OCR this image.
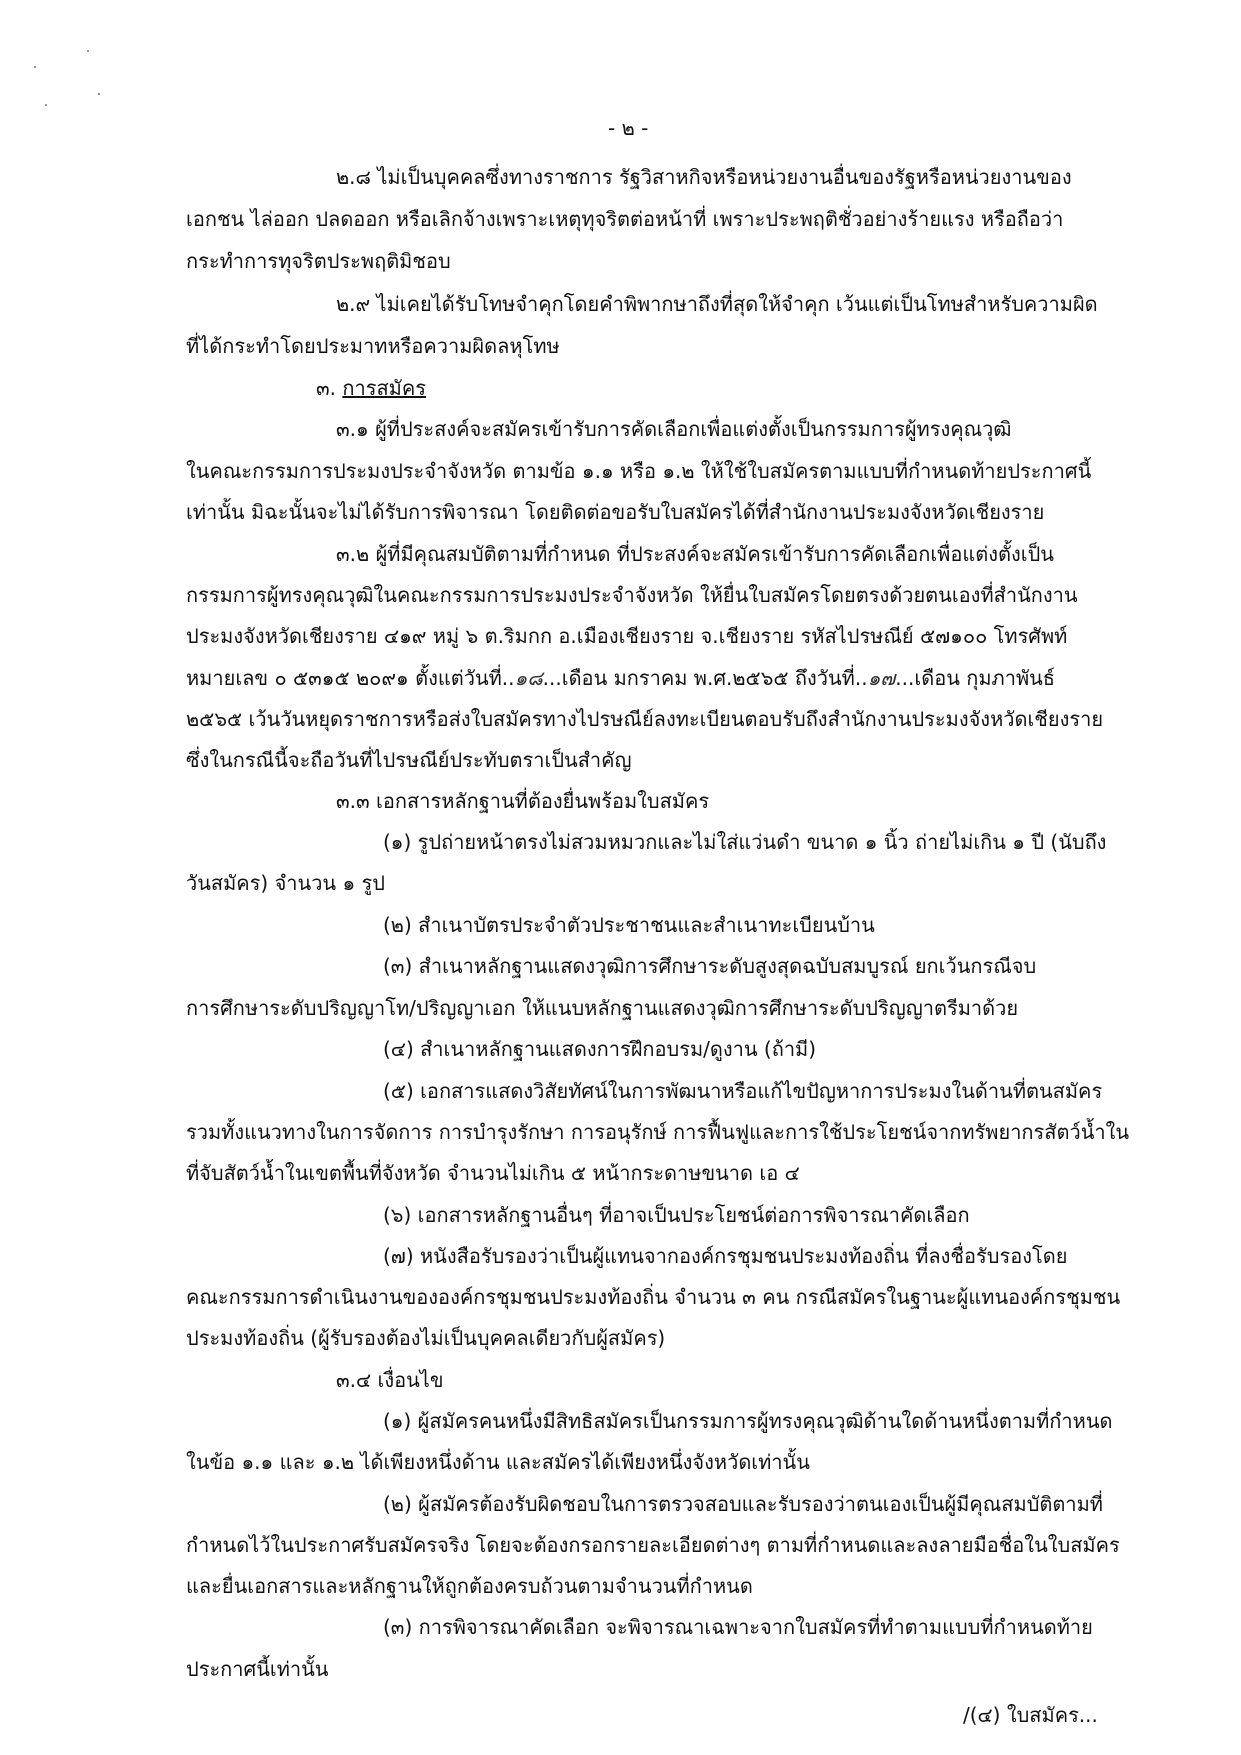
- ๒ -
๒.๘ ไม่เป็นบุคคลซึ่งทางราชการ รัฐวิสาหกิจหรือหน่วยงานอื่นของรัฐหรือหน่วยงานของ
เอกชน ไล่ออก ปลดออก หรือเลิกจ้างเพราะเหตุทุจริตต่อหน้าที่ เพราะประพฤติชั่วอย่างร้ายแรง หรือถือว่า
กระทำการทุจริตประพฤติมิชอบ
๒.๙ ไม่เคยได้รับโทษจำคุกโดยคำพิพากษาถึงที่สุดให้จำคุก เว้นแต่เป็นโทษสำหรับความผิด
ที่ได้กระทำโดยประมาทหรือความผิดลหุโทษ
๓. การสมัคร
๓.๑ ผู้ที่ประสงค์จะสมัครเข้ารับการคัดเลือกเพื่อแต่งตั้งเป็นกรรมการผู้ทรงคุณวุฒิ
ในคณะกรรมการประมงประจำจังหวัด ตามข้อ ๑.๑ หรือ ๑.๒ ให้ใช้ใบสมัครตามแบบที่กำหนดท้ายประกาศนี้
เท่านั้น มิฉะนั้นจะไม่ได้รับการพิจารณา โดยติดต่อขอรับใบสมัครได้ที่สำนักงานประมงจังหวัดเชียงราย
๓.๒ ผู้ที่มีคุณสมบัติตามที่กำหนด ที่ประสงค์จะสมัครเข้ารับการคัดเลือกเพื่อแต่งตั้งเป็น
กรรมการผู้ทรงคุณวุฒิในคณะกรรมการประมงประจำจังหวัด ให้ยื่นใบสมัครโดยตรงด้วยตนเองที่สำนักงาน
ประมงจังหวัดเชียงราย ๔๑๙ หมู่ ๖ ต.ริมกก อ.เมืองเชียงราย จ.เชียงราย รหัสไปรษณีย์ ๕๗๑๐๐ โทรศัพท์
หมายเลข ๐ ๕๓๑๕ ๒๐๙๑ ตั้งแต่วันที่..๑๘...เดือน มกราคม พ.ศ.๒๕๖๕ ถึงวันที่..๑๗...เดือน กุมภาพันธ์
๒๕๖๕ เว้นวันหยุดราชการหรือส่งใบสมัครทางไปรษณีย์ลงทะเบียนตอบรับถึงสำนักงานประมงจังหวัดเชียงราย
ซึ่งในกรณีนี้จะถือวันที่ไปรษณีย์ประทับตราเป็นสำคัญ
๓.๓ เอกสารหลักฐานที่ต้องยื่นพร้อมใบสมัคร
(๑) รูปถ่ายหน้าตรงไม่สวมหมวกและไม่ใส่แว่นดำ ขนาด ๑ นิ้ว ถ่ายไม่เกิน ๑ ปี (นับถึง
วันสมัคร) จำนวน ๑ รูป
(๒) สำเนาบัตรประจำตัวประชาชนและสำเนาทะเบียนบ้าน
(๓) สำเนาหลักฐานแสดงวุฒิการศึกษาระดับสูงสุดฉบับสมบูรณ์ ยกเว้นกรณีจบ
การศึกษาระดับปริญญาโท/ปริญญาเอก ให้แนบหลักฐานแสดงวุฒิการศึกษาระดับปริญญาตรีมาด้วย
(๔) สำเนาหลักฐานแสดงการฝึกอบรม/ดูงาน (ถ้ามี)
(๕) เอกสารแสดงวิสัยทัศน์ในการพัฒนาหรือแก้ไขปัญหาการประมงในด้านที่ตนสมัคร
รวมทั้งแนวทางในการจัดการ การบำรุงรักษา การอนุรักษ์ การฟื้นฟูและการใช้ประโยชน์จากทรัพยากรสัตว์น้ำใน
ที่จับสัตว์น้ำในเขตพื้นที่จังหวัด จำนวนไม่เกิน ๕ หน้ากระดาษขนาด เอ ๔
(๖) เอกสารหลักฐานอื่นๆ ที่อาจเป็นประโยชน์ต่อการพิจารณาคัดเลือก
(๗) หนังสือรับรองว่าเป็นผู้แทนจากองค์กรชุมชนประมงท้องถิ่น ที่ลงชื่อรับรองโดย
คณะกรรมการดำเนินงานขององค์กรชุมชนประมงท้องถิ่น จำนวน ๓ คน กรณีสมัครในฐานะผู้แทนองค์กรชุมชน
ประมงท้องถิ่น (ผู้รับรองต้องไม่เป็นบุคคลเดียวกับผู้สมัคร)
๓.๔ เงื่อนไข
(๑) ผู้สมัครคนหนึ่งมีสิทธิสมัครเป็นกรรมการผู้ทรงคุณวุฒิด้านใดด้านหนึ่งตามที่กำหนด
ในข้อ ๑.๑ และ ๑.๒ ได้เพียงหนึ่งด้าน และสมัครได้เพียงหนึ่งจังหวัดเท่านั้น
(๒) ผู้สมัครต้องรับผิดชอบในการตรวจสอบและรับรองว่าตนเองเป็นผู้มีคุณสมบัติตามที่
กำหนดไว้ในประกาศรับสมัครจริง โดยจะต้องกรอกรายละเอียดต่างๆ ตามที่กำหนดและลงลายมือชื่อในใบสมัคร
และยื่นเอกสารและหลักฐานให้ถูกต้องครบถ้วนตามจำนวนที่กำหนด
(๓) การพิจารณาคัดเลือก จะพิจารณาเฉพาะจากใบสมัครที่ทำตามแบบที่กำหนดท้าย
ประกาศนี้เท่านั้น
/(๔) ใบสมัคร...
